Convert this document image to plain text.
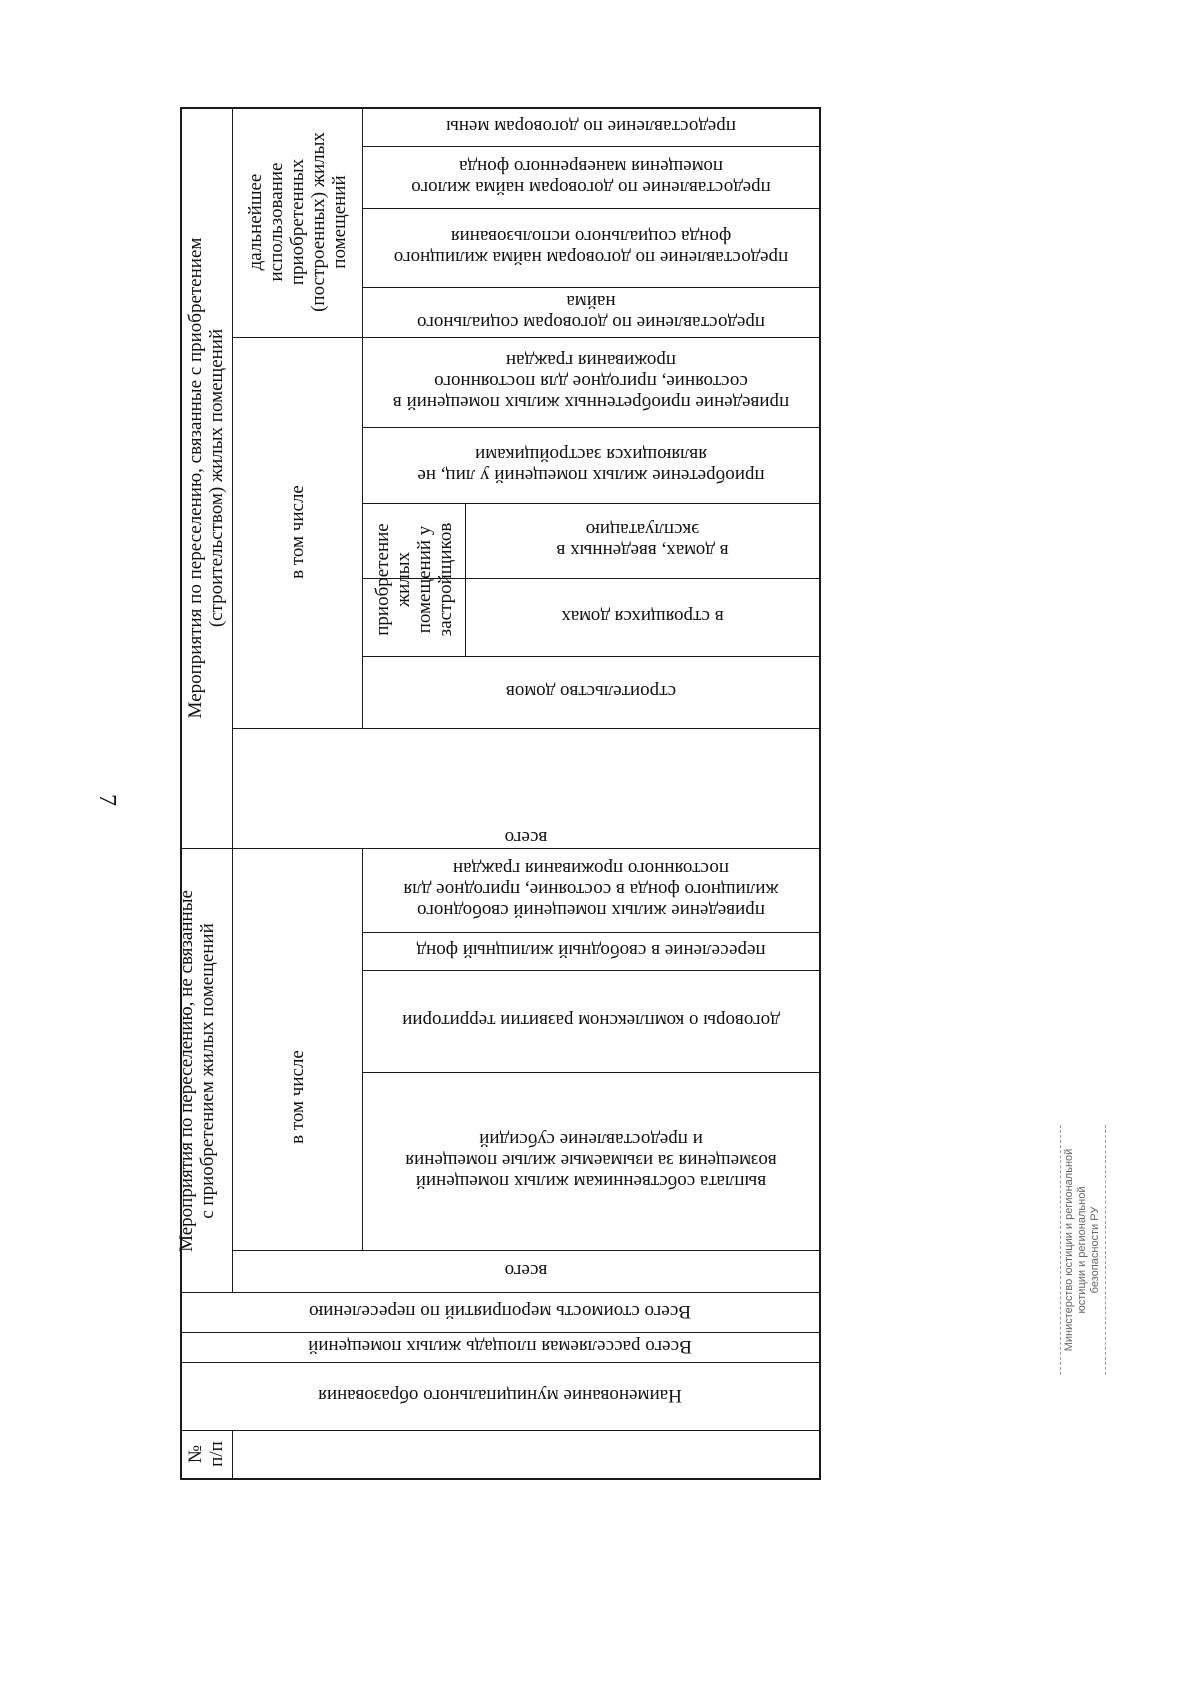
7
№
п/п
Наименование муниципального образования
Всего расселяемая площадь жилых помещений
Всего стоимость мероприятий по переселению
Мероприятия по переселению, не связанные
с приобретением жилых помещений
всего
в том числе
выплата собственникам жилых помещений
возмещения за изымаемые жилые помещения
и предоставление субсидий
договоры о комплексном развитии территории
переселение в свободный жилищный фонд
приведение жилых помещений свободного
жилищного фонда в состояние, пригодное для
постоянного проживания граждан
Мероприятия по переселению, связанные с приобретением
(строительством) жилых помещений
всего
в том числе
строительство домов
приобретение
жилых
помещений у
застройщиков	в строящихся домах
в домах, введенных в
эксплуатацию
приобретение жилых помещений у лиц, не
являющихся застройщиками
приведение приобретенных жилых помещений в
состояние, пригодное для постоянного
проживания граждан
дальнейшее
использование
приобретенных
(построенных) жилых
помещений
предоставление по договорам социального
найма
предоставление по договорам найма жилищного
фонда социального использования
предоставление по договорам найма жилого
помещения маневренного фонда
предоставление по договорам мены
Министерство юстиции и региональной юстиции и региональной безопасности РУ
